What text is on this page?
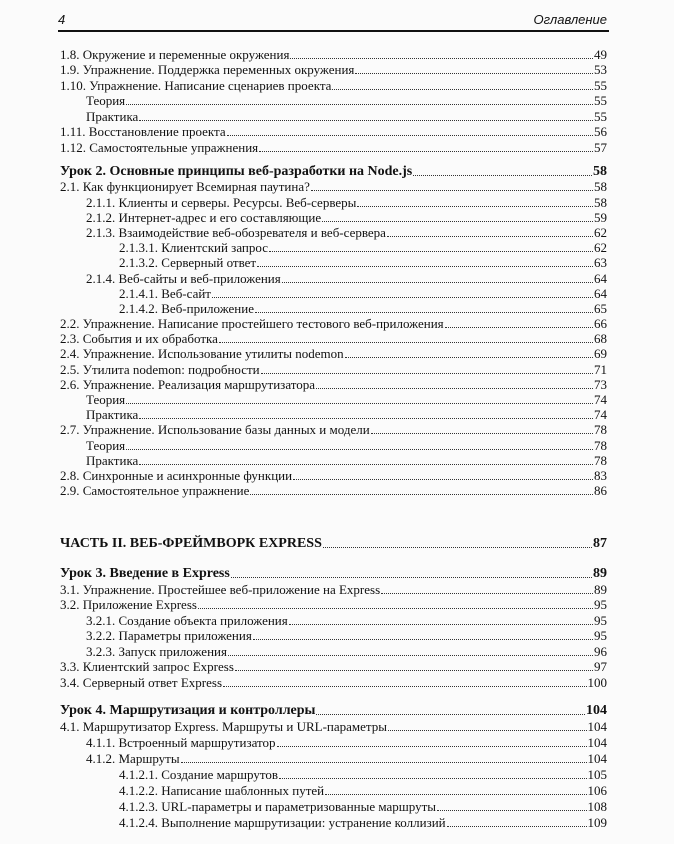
4	Оглавление
1.8. Окружение и переменные окружения	49
1.9. Упражнение. Поддержка переменных окружения	53
1.10. Упражнение. Написание сценариев проекта	55
Теория	55
Практика	55
1.11. Восстановление проекта	56
1.12. Самостоятельные упражнения	57
Урок 2. Основные принципы веб-разработки на Node.js	58
2.1. Как функционирует Всемирная паутина?	58
2.1.1. Клиенты и серверы. Ресурсы. Веб-серверы	58
2.1.2. Интернет-адрес и его составляющие	59
2.1.3. Взаимодействие веб-обозревателя и веб-сервера	62
2.1.3.1. Клиентский запрос	62
2.1.3.2. Серверный ответ	63
2.1.4. Веб-сайты и веб-приложения	64
2.1.4.1. Веб-сайт	64
2.1.4.2. Веб-приложение	65
2.2. Упражнение. Написание простейшего тестового веб-приложения	66
2.3. События и их обработка	68
2.4. Упражнение. Использование утилиты nodemon	69
2.5. Утилита nodemon: подробности	71
2.6. Упражнение. Реализация маршрутизатора	73
Теория	74
Практика	74
2.7. Упражнение. Использование базы данных и модели	78
Теория	78
Практика	78
2.8. Синхронные и асинхронные функции	83
2.9. Самостоятельное упражнение	86
ЧАСТЬ II. ВЕБ-ФРЕЙМВОРК EXPRESS	87
Урок 3. Введение в Express	89
3.1. Упражнение. Простейшее веб-приложение на Express	89
3.2. Приложение Express	95
3.2.1. Создание объекта приложения	95
3.2.2. Параметры приложения	95
3.2.3. Запуск приложения	96
3.3. Клиентский запрос Express	97
3.4. Серверный ответ Express	100
Урок 4. Маршрутизация и контроллеры	104
4.1. Маршрутизатор Express. Маршруты и URL-параметры	104
4.1.1. Встроенный маршрутизатор	104
4.1.2. Маршруты	104
4.1.2.1. Создание маршрутов	105
4.1.2.2. Написание шаблонных путей	106
4.1.2.3. URL-параметры и параметризованные маршруты	108
4.1.2.4. Выполнение маршрутизации: устранение коллизий	109
